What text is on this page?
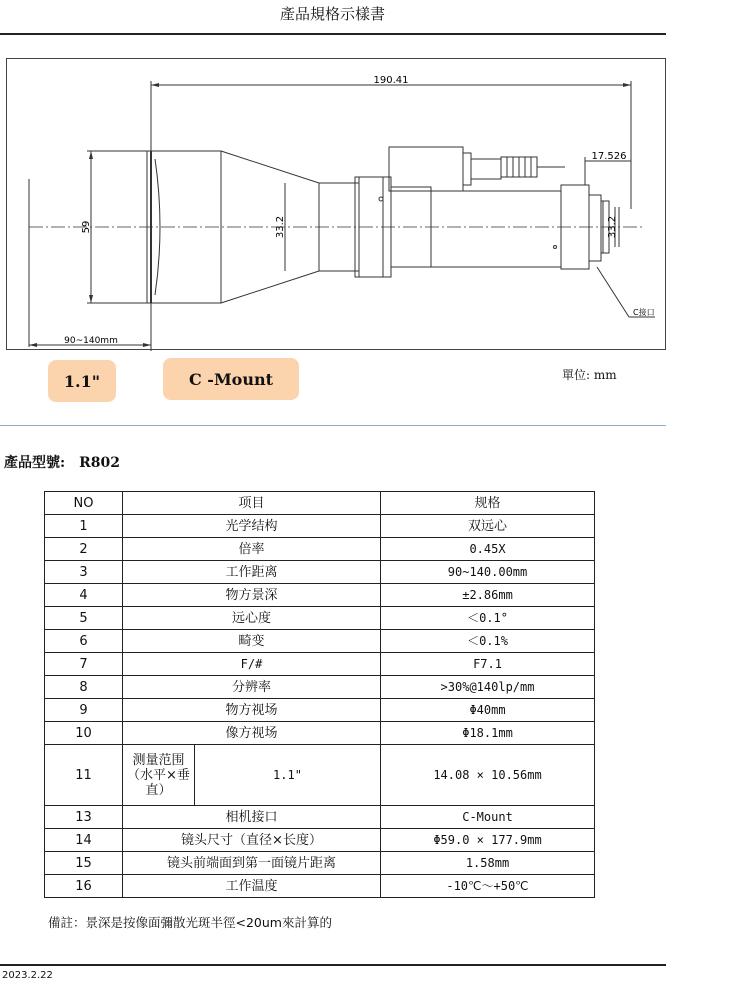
產品規格示樣書
190.41
17.526
59	33.2	33.2
90~140mm
C接口
1.1"	C -Mount	單位: mm
產品型號: R802
NO	项目		规格
1	光学结构		双远心
2	倍率		0.45X
3	工作距离		90~140.00mm
4	物方景深		±2.86mm
5	远心度		＜0.1°
6	畸变		＜0.1%
7	F/#		F7.1
8	分辨率		>30%@140lp/mm
9	物方视场		Φ40mm
10	像方视场		Φ18.1mm
11	测量范围（水平×垂直）	1.1"	14.08 × 10.56mm
13	相机接口		C-Mount
14	镜头尺寸（直径×长度）		Φ59.0 × 177.9mm
15	镜头前端面到第一面镜片距离		1.58mm
16	工作温度		-10℃～+50℃
備註：景深是按像面彌散光斑半徑<20um來計算的
2023.2.22
